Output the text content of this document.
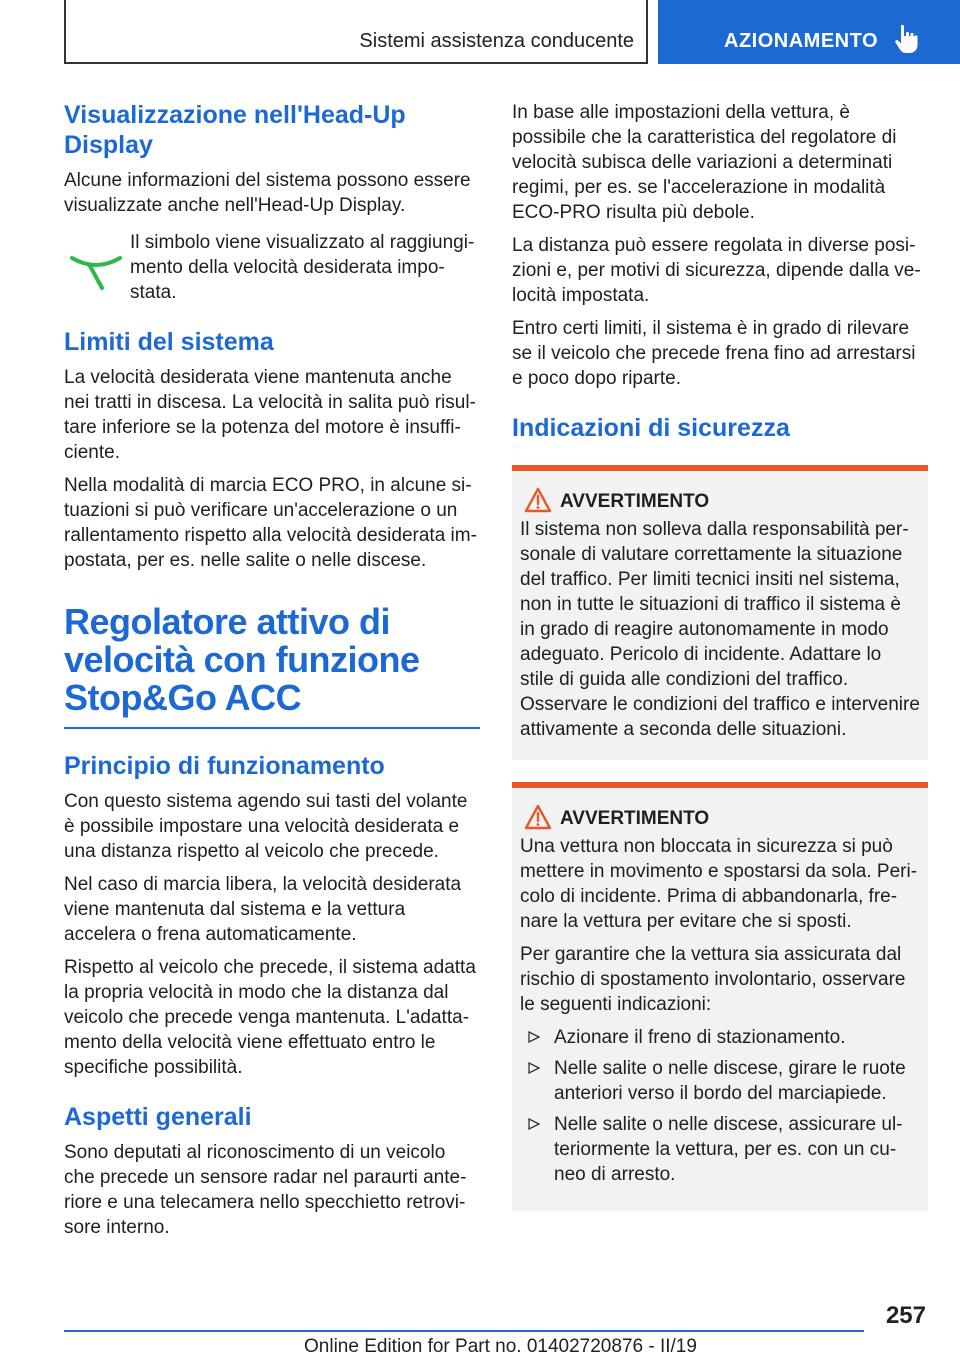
Sistemi assistenza conducente	AZIONAMENTO
Visualizzazione nell'Head-Up Display

Alcune informazioni del sistema possono essere visualizzate anche nell'Head-Up Display.

Il simbolo viene visualizzato al raggiungimento della velocità desiderata impostata.

Limiti del sistema

La velocità desiderata viene mantenuta anche nei tratti in discesa. La velocità in salita può risultare inferiore se la potenza del motore è insufficiente.

Nella modalità di marcia ECO PRO, in alcune situazioni si può verificare un'accelerazione o un rallentamento rispetto alla velocità desiderata impostata, per es. nelle salite o nelle discese.

Regolatore attivo di velocità con funzione Stop&Go ACC
Principio di funzionamento

Con questo sistema agendo sui tasti del volante è possibile impostare una velocità desiderata e una distanza rispetto al veicolo che precede.

Nel caso di marcia libera, la velocità desiderata viene mantenuta dal sistema e la vettura accelera o frena automaticamente.

Rispetto al veicolo che precede, il sistema adatta la propria velocità in modo che la distanza dal veicolo che precede venga mantenuta. L'adattamento della velocità viene effettuato entro le specifiche possibilità.

Aspetti generali

Sono deputati al riconoscimento di un veicolo che precede un sensore radar nel paraurti anteriore e una telecamera nello specchietto retrovisore interno.

In base alle impostazioni della vettura, è possibile che la caratteristica del regolatore di velocità subisca delle variazioni a determinati regimi, per es. se l'accelerazione in modalità ECO-PRO risulta più debole.

La distanza può essere regolata in diverse posizioni e, per motivi di sicurezza, dipende dalla velocità impostata.

Entro certi limiti, il sistema è in grado di rilevare se il veicolo che precede frena fino ad arrestarsi e poco dopo riparte.

Indicazioni di sicurezza
AVVERTIMENTO

Il sistema non solleva dalla responsabilità personale di valutare correttamente la situazione del traffico. Per limiti tecnici insiti nel sistema, non in tutte le situazioni di traffico il sistema è in grado di reagire autonomamente in modo adeguato. Pericolo di incidente. Adattare lo stile di guida alle condizioni del traffico. Osservare le condizioni del traffico e intervenire attivamente a seconda delle situazioni.

AVVERTIMENTO

Una vettura non bloccata in sicurezza si può mettere in movimento e spostarsi da sola. Pericolo di incidente. Prima di abbandonarla, frenare la vettura per evitare che si sposti.

Per garantire che la vettura sia assicurata dal rischio di spostamento involontario, osservare le seguenti indicazioni:

Azionare il freno di stazionamento.
Nelle salite o nelle discese, girare le ruote anteriori verso il bordo del marciapiede.
Nelle salite o nelle discese, assicurare ulteriormente la vettura, per es. con un cuneo di arresto.
257
Online Edition for Part no. 01402720876 - II/19
